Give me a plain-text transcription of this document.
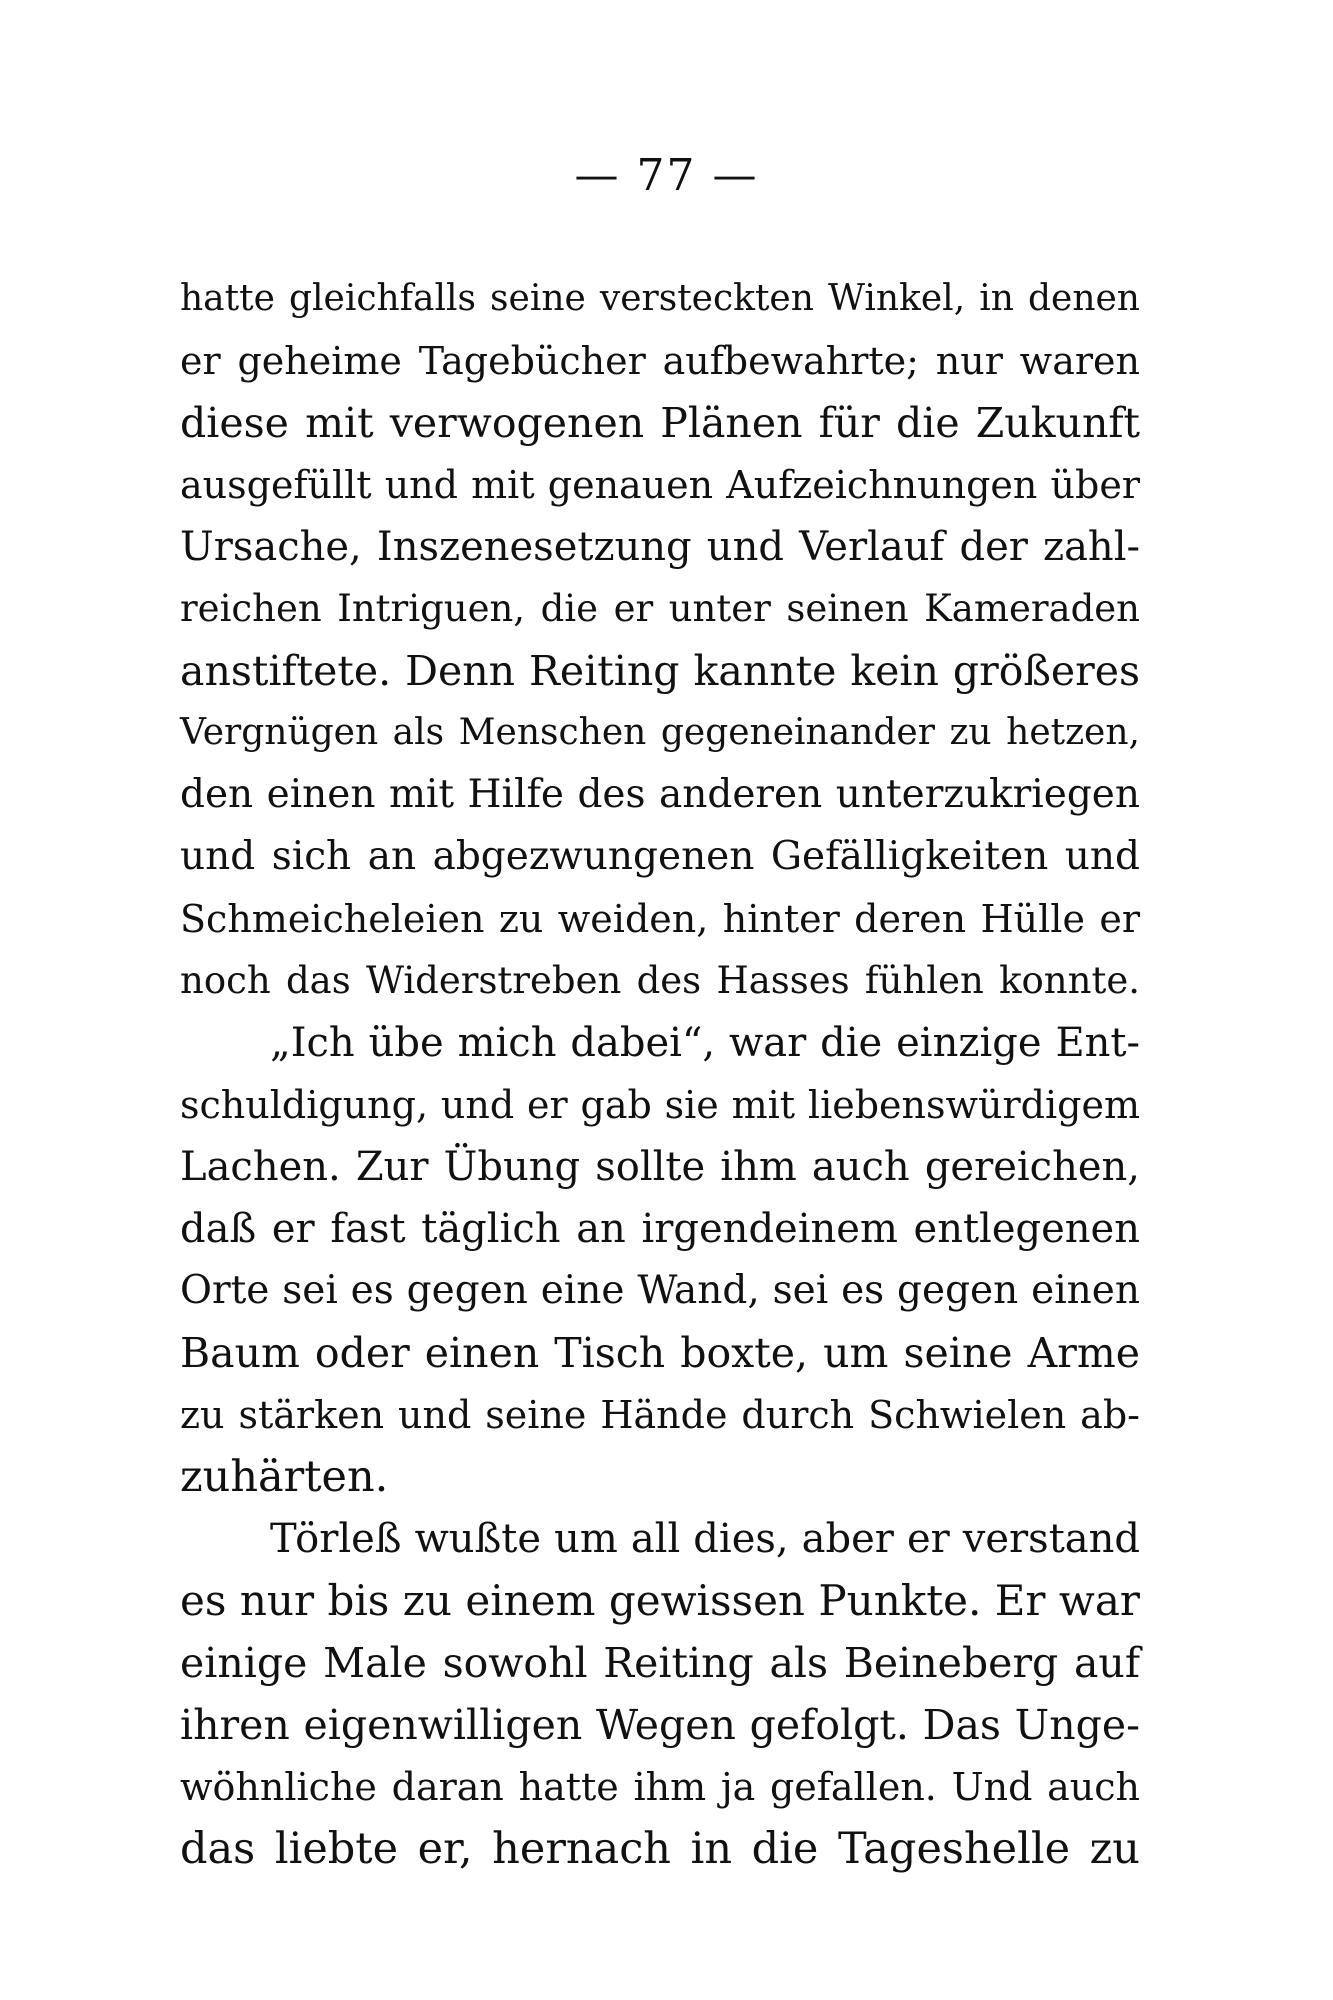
— 77 —
hatte gleichfalls seine versteckten Winkel, in denen
er geheime Tagebücher aufbewahrte; nur waren
diese mit verwogenen Plänen für die Zukunft
ausgefüllt und mit genauen Aufzeichnungen über
Ursache, Inszenesetzung und Verlauf der zahl-
reichen Intriguen, die er unter seinen Kameraden
anstiftete. Denn Reiting kannte kein größeres
Vergnügen als Menschen gegeneinander zu hetzen,
den einen mit Hilfe des anderen unterzukriegen
und sich an abgezwungenen Gefälligkeiten und
Schmeicheleien zu weiden, hinter deren Hülle er
noch das Widerstreben des Hasses fühlen konnte.
„Ich übe mich dabei“, war die einzige Ent-
schuldigung, und er gab sie mit liebenswürdigem
Lachen. Zur Übung sollte ihm auch gereichen,
daß er fast täglich an irgendeinem entlegenen
Orte sei es gegen eine Wand, sei es gegen einen
Baum oder einen Tisch boxte, um seine Arme
zu stärken und seine Hände durch Schwielen ab-
zuhärten.
Törleß wußte um all dies, aber er verstand
es nur bis zu einem gewissen Punkte. Er war
einige Male sowohl Reiting als Beineberg auf
ihren eigenwilligen Wegen gefolgt. Das Unge-
wöhnliche daran hatte ihm ja gefallen. Und auch
das liebte er, hernach in die Tageshelle zu
